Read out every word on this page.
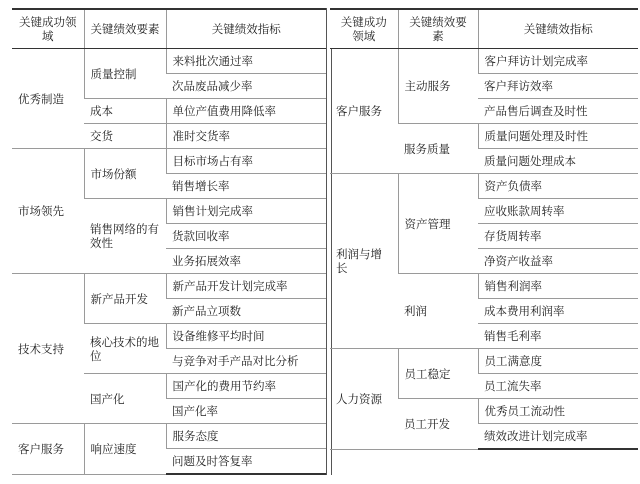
关键成功领域	关键绩效要素	关键绩效指标
优秀制造	质量控制	来料批次通过率
		次品废品减少率
	成本	单位产值费用降低率
	交货	准时交货率
市场领先	市场份额	目标市场占有率
		销售增长率
	销售网络的有效性	销售计划完成率
		货款回收率
		业务拓展效率
技术支持	新产品开发	新产品开发计划完成率
		新产品立项数
	核心技术的地位	设备维修平均时间
		与竞争对手产品对比分析
	国产化	国产化的费用节约率
		国产化率
客户服务	响应速度	服务态度
		问题及时答复率
关键成功领域	关键绩效要素	关键绩效指标
客户服务	主动服务	客户拜访计划完成率
		客户拜访效率
		产品售后调查及时性
	服务质量	质量问题处理及时性
		质量问题处理成本
利润与增长	资产管理	资产负债率
		应收账款周转率
		存货周转率
		净资产收益率
	利润	销售利润率
		成本费用利润率
		销售毛利率
人力资源	员工稳定	员工满意度
		员工流失率
	员工开发	优秀员工流动性
		绩效改进计划完成率
